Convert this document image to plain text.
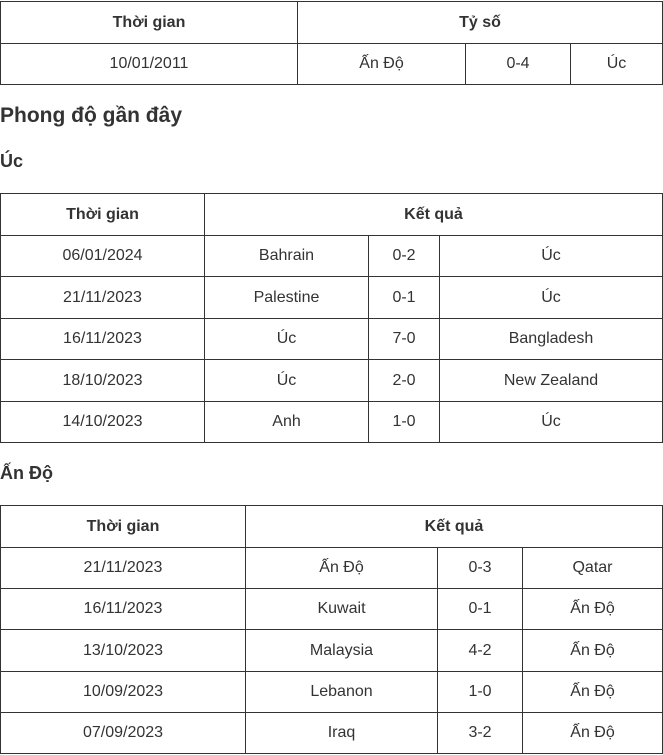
Thời gian	Tỷ số		
10/01/2011	Ấn Độ	0-4	Úc
Phong độ gần đây
Úc
Thời gian	Kết quả		
06/01/2024	Bahrain	0-2	Úc
21/11/2023	Palestine	0-1	Úc
16/11/2023	Úc	7-0	Bangladesh
18/10/2023	Úc	2-0	New Zealand
14/10/2023	Anh	1-0	Úc
Ấn Độ
Thời gian	Kết quả		
21/11/2023	Ấn Độ	0-3	Qatar
16/11/2023	Kuwait	0-1	Ấn Độ
13/10/2023	Malaysia	4-2	Ấn Độ
10/09/2023	Lebanon	1-0	Ấn Độ
07/09/2023	Iraq	3-2	Ấn Độ
